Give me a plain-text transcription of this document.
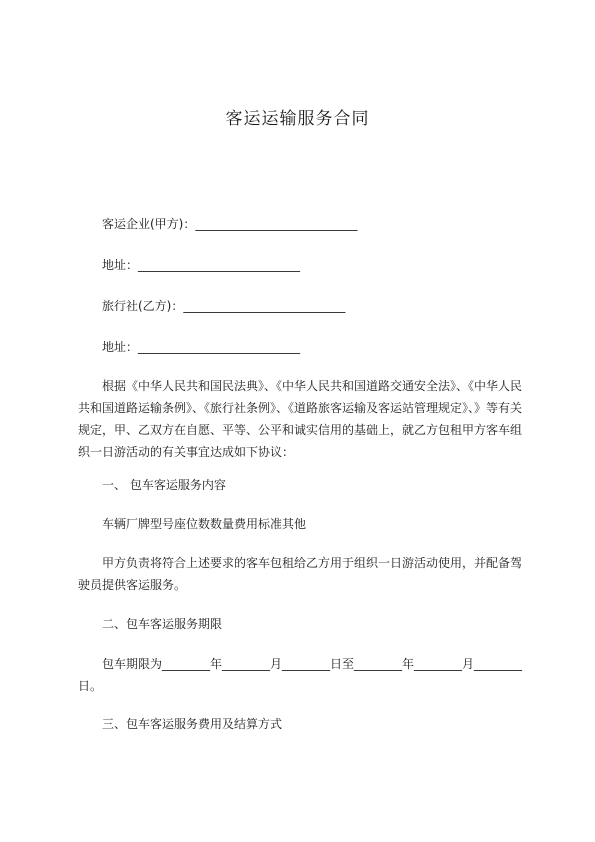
客运运输服务合同
客运企业(甲方)：___________________________
地址：___________________________
旅行社(乙方)：___________________________
地址：___________________________
根据《中华人民共和国民法典》、《中华人民共和国道路交通安全法》、《中华人民共和国道路运输条例》、《旅行社条例》、《道路旅客运输及客运站管理规定》、》等有关规定，甲、乙双方在自愿、平等、公平和诚实信用的基础上，就乙方包租甲方客车组织一日游活动的有关事宜达成如下协议：
一、 包车客运服务内容
车辆厂牌型号座位数数量费用标准其他
甲方负责将符合上述要求的客车包租给乙方用于组织一日游活动使用，并配备驾驶员提供客运服务。
二、包车客运服务期限
包车期限为________年________月________日至________年________月________日。
三、包车客运服务费用及结算方式
